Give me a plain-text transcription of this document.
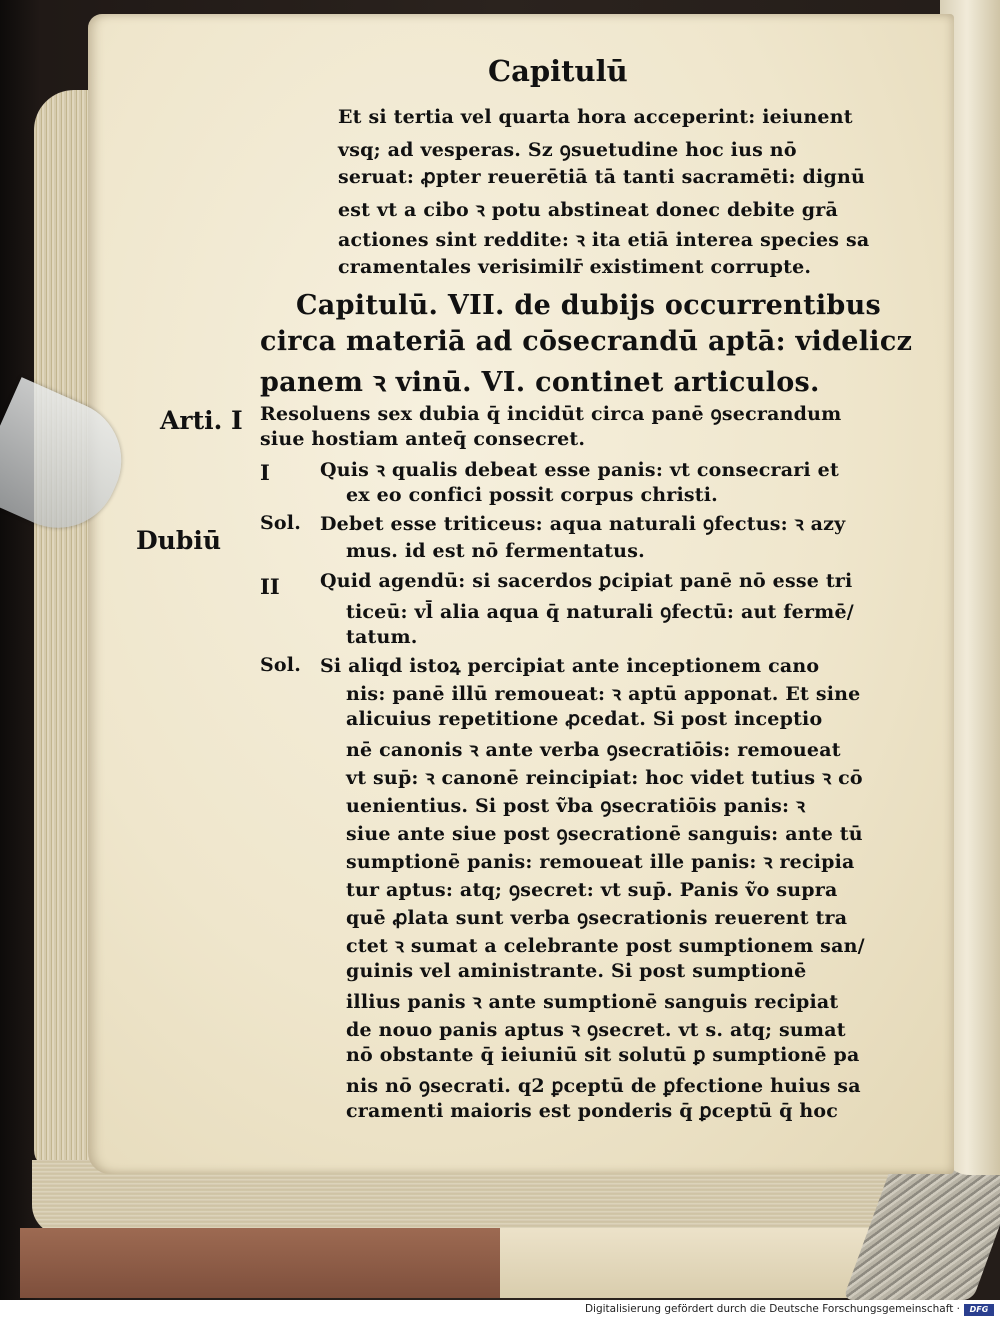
Capitulū
Et si tertia vel quarta hora acceperint: ieiunent
vsq; ad vesperas. Sz ꝯsuetudine hoc ius nō
seruat: ꝓpter reuerētiā tā tanti sacramēti: dignū
est vt a cibo ꝛ potu abstineat donec debite grā
actiones sint reddite: ꝛ ita etiā interea species sa
cramentales verisimilr̄ existiment corrupte.
Capitulū. VII. de dubijs occurrentibus
circa materiā ad cōsecrandū aptā: videlicz
panem ꝛ vinū. VI. continet articulos.
Arti. I Resoluens sex dubia q̄ incidūt circa panē ꝯsecrandum
siue hostiam anteq̄ consecret.
I	Quis ꝛ qualis debeat esse panis: vt consecrari et
ex eo confici possit corpus christi.
Dubiū
Sol. Debet esse triticeus: aqua naturali ꝯfectus: ꝛ azy
mus. id est nō fermentatus.
II Quid agendū: si sacerdos ꝑcipiat panē nō esse tri
ticeū: vl̄ alia aqua q̄ naturali ꝯfectū: aut fermē/
tatum.
Sol. Si aliqd istoꝝ percipiat ante inceptionem cano
nis: panē illū remoueat: ꝛ aptū apponat. Et sine
alicuius repetitione ꝓcedat. Si post inceptio
nē canonis ꝛ ante verba ꝯsecratiōis: remoueat
vt sup̄: ꝛ canonē reincipiat: hoc videt tutius ꝛ cō
uenientius. Si post ṽba ꝯsecratiōis panis: ꝛ
siue ante siue post ꝯsecrationē sanguis: ante tū
sumptionē panis: remoueat ille panis: ꝛ recipia
tur aptus: atq; ꝯsecret: vt sup̄. Panis ṽo supra
quē ꝓlata sunt verba ꝯsecrationis reuerent tra
ctet ꝛ sumat a celebrante post sumptionem san/
guinis vel aministrante. Si post sumptionē
illius panis ꝛ ante sumptionē sanguis recipiat
de nouo panis aptus ꝛ ꝯsecret. vt s. atq; sumat
nō obstante q̄ ieiuniū sit solutū ꝑ sumptionē pa
nis nō ꝯsecrati. q2 ꝑceptū de ꝑfectione huius sa
cramenti maioris est ponderis q̄ ꝑceptū q̄ hoc
Digitalisierung gefördert durch die Deutsche Forschungsgemeinschaft ·	DFG
